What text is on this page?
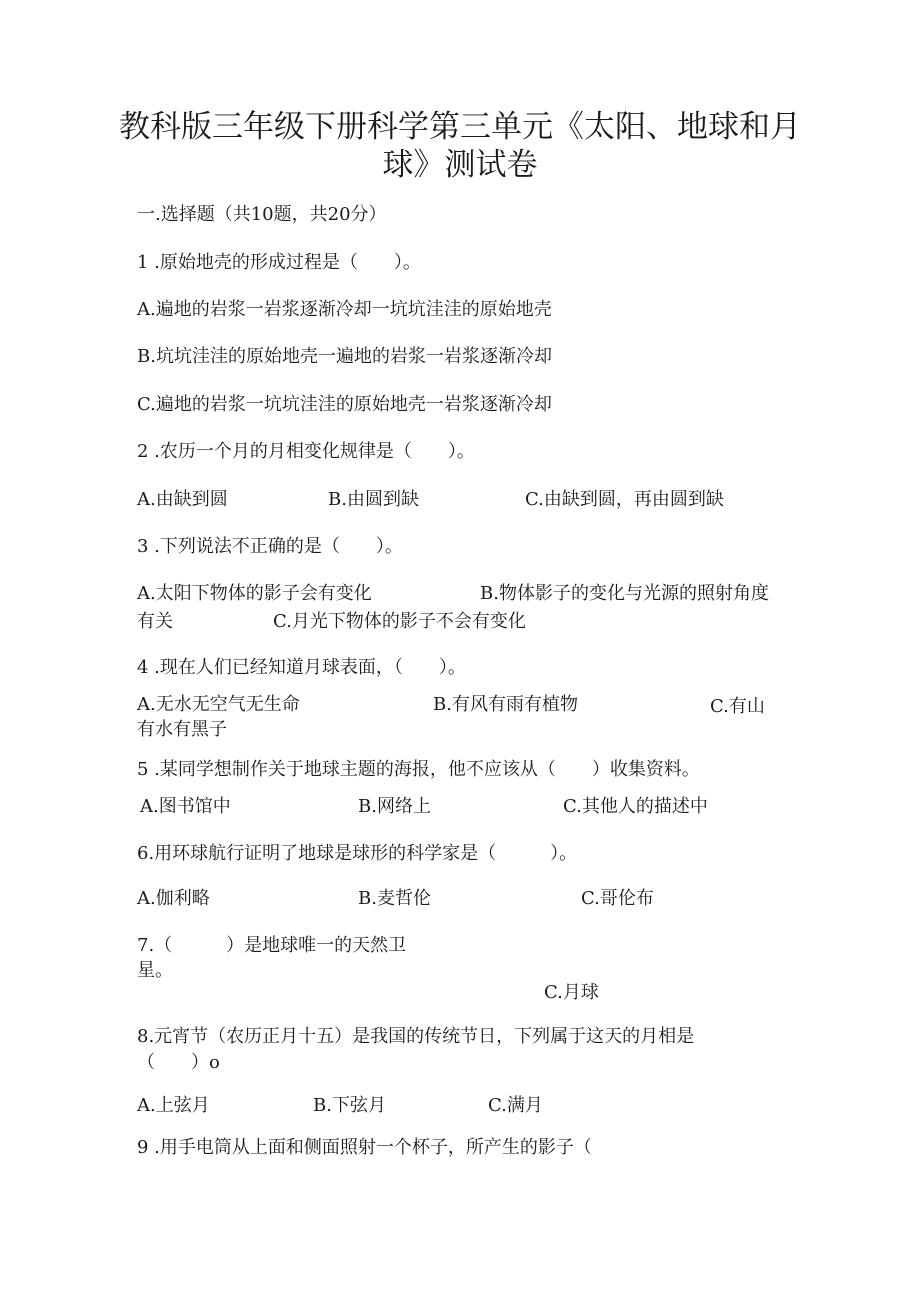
教科版三年级下册科学第三单元《太阳、地球和月
球》测试卷
一.选择题（共10题，共20分）
1 .原始地壳的形成过程是（　　）。
A.遍地的岩浆一岩浆逐渐冷却一坑坑洼洼的原始地壳
B.坑坑洼洼的原始地壳一遍地的岩浆一岩浆逐渐冷却
C.遍地的岩浆一坑坑洼洼的原始地壳一岩浆逐渐冷却
2 .农历一个月的月相变化规律是（　　）。
A.由缺到圆	B.由圆到缺	C.由缺到圆，再由圆到缺
3 .下列说法不正确的是（　　）。
A.太阳下物体的影子会有变化	B.物体影子的变化与光源的照射角度
有关	C.月光下物体的影子不会有变化
4 .现在人们已经知道月球表面，（　　）。
A.无水无空气无生命	B.有风有雨有植物	C.有山
有水有黑子
5 .某同学想制作关于地球主题的海报，他不应该从（　　）收集资料。
A.图书馆中	B.网络上	C.其他人的描述中
6.用环球航行证明了地球是球形的科学家是（　　　）。
A.伽利略	B.麦哲伦	C.哥伦布
7.（　　　）是地球唯一的天然卫
星。
C.月球
8.元宵节（农历正月十五）是我国的传统节日，下列属于这天的月相是
（　　）o
A.上弦月	B.下弦月	C.满月
9 .用手电筒从上面和侧面照射一个杯子，所产生的影子（
